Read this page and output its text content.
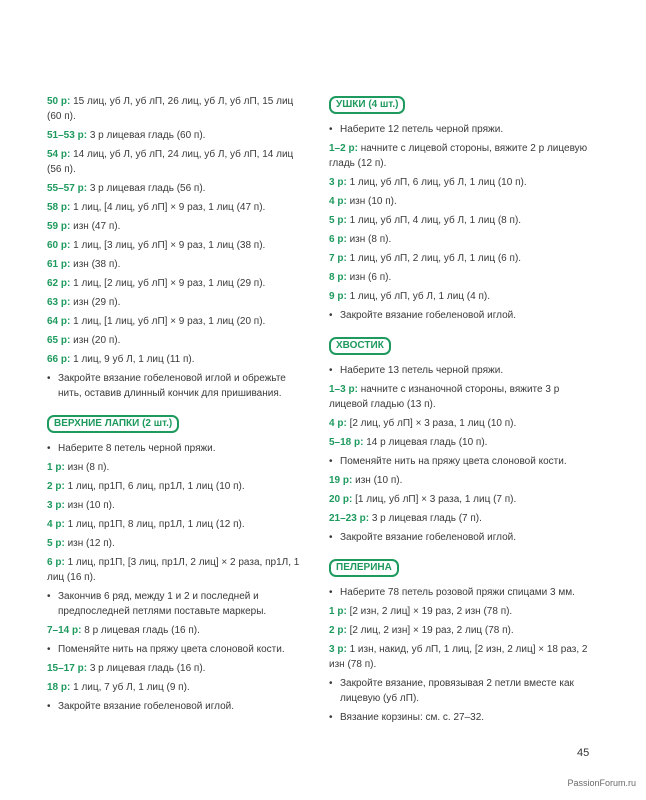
50 р: 15 лиц, уб Л, уб лП, 26 лиц, уб Л, уб лП, 15 лиц (60 п).
51–53 р: 3 р лицевая гладь (60 п).
54 р: 14 лиц, уб Л, уб лП, 24 лиц, уб Л, уб лП, 14 лиц (56 п).
55–57 р: 3 р лицевая гладь (56 п).
58 р: 1 лиц, [4 лиц, уб лП] × 9 раз, 1 лиц (47 п).
59 р: изн (47 п).
60 р: 1 лиц, [3 лиц, уб лП] × 9 раз, 1 лиц (38 п).
61 р: изн (38 п).
62 р: 1 лиц, [2 лиц, уб лП] × 9 раз, 1 лиц (29 п).
63 р: изн (29 п).
64 р: 1 лиц, [1 лиц, уб лП] × 9 раз, 1 лиц (20 п).
65 р: изн (20 п).
66 р: 1 лиц, 9 уб Л, 1 лиц (11 п).
• Закройте вязание гобеленовой иглой и обрежьте нить, оставив длинный кончик для пришивания.
ВЕРХНИЕ ЛАПКИ (2 шт.)
• Наберите 8 петель черной пряжи.
1 р: изн (8 п).
2 р: 1 лиц, пр1П, 6 лиц, пр1Л, 1 лиц (10 п).
3 р: изн (10 п).
4 р: 1 лиц, пр1П, 8 лиц, пр1Л, 1 лиц (12 п).
5 р: изн (12 п).
6 р: 1 лиц, пр1П, [3 лиц, пр1Л, 2 лиц] × 2 раза, пр1Л, 1 лиц (16 п).
• Закончив 6 ряд, между 1 и 2 и последней и предпоследней петлями поставьте маркеры.
7–14 р: 8 р лицевая гладь (16 п).
• Поменяйте нить на пряжу цвета слоновой кости.
15–17 р: 3 р лицевая гладь (16 п).
18 р: 1 лиц, 7 уб Л, 1 лиц (9 п).
• Закройте вязание гобеленовой иглой.
УШКИ (4 шт.)
• Наберите 12 петель черной пряжи.
1–2 р: начните с лицевой стороны, вяжите 2 р лицевую гладь (12 п).
3 р: 1 лиц, уб лП, 6 лиц, уб Л, 1 лиц (10 п).
4 р: изн (10 п).
5 р: 1 лиц, уб лП, 4 лиц, уб Л, 1 лиц (8 п).
6 р: изн (8 п).
7 р: 1 лиц, уб лП, 2 лиц, уб Л, 1 лиц (6 п).
8 р: изн (6 п).
9 р: 1 лиц, уб лП, уб Л, 1 лиц (4 п).
• Закройте вязание гобеленовой иглой.
ХВОСТИК
• Наберите 13 петель черной пряжи.
1–3 р: начните с изнаночной стороны, вяжите 3 р лицевой гладью (13 п).
4 р: [2 лиц, уб лП] × 3 раза, 1 лиц (10 п).
5–18 р: 14 р лицевая гладь (10 п).
• Поменяйте нить на пряжу цвета слоновой кости.
19 р: изн (10 п).
20 р: [1 лиц, уб лП] × 3 раза, 1 лиц (7 п).
21–23 р: 3 р лицевая гладь (7 п).
• Закройте вязание гобеленовой иглой.
ПЕЛЕРИНА
• Наберите 78 петель розовой пряжи спицами 3 мм.
1 р: [2 изн, 2 лиц] × 19 раз, 2 изн (78 п).
2 р: [2 лиц, 2 изн] × 19 раз, 2 лиц (78 п).
3 р: 1 изн, накид, уб лП, 1 лиц, [2 изн, 2 лиц] × 18 раз, 2 изн (78 п).
• Закройте вязание, провязывая 2 петли вместе как лицевую (уб лП).
• Вязание корзины: см. с. 27–32.
45
PassionForum.ru
